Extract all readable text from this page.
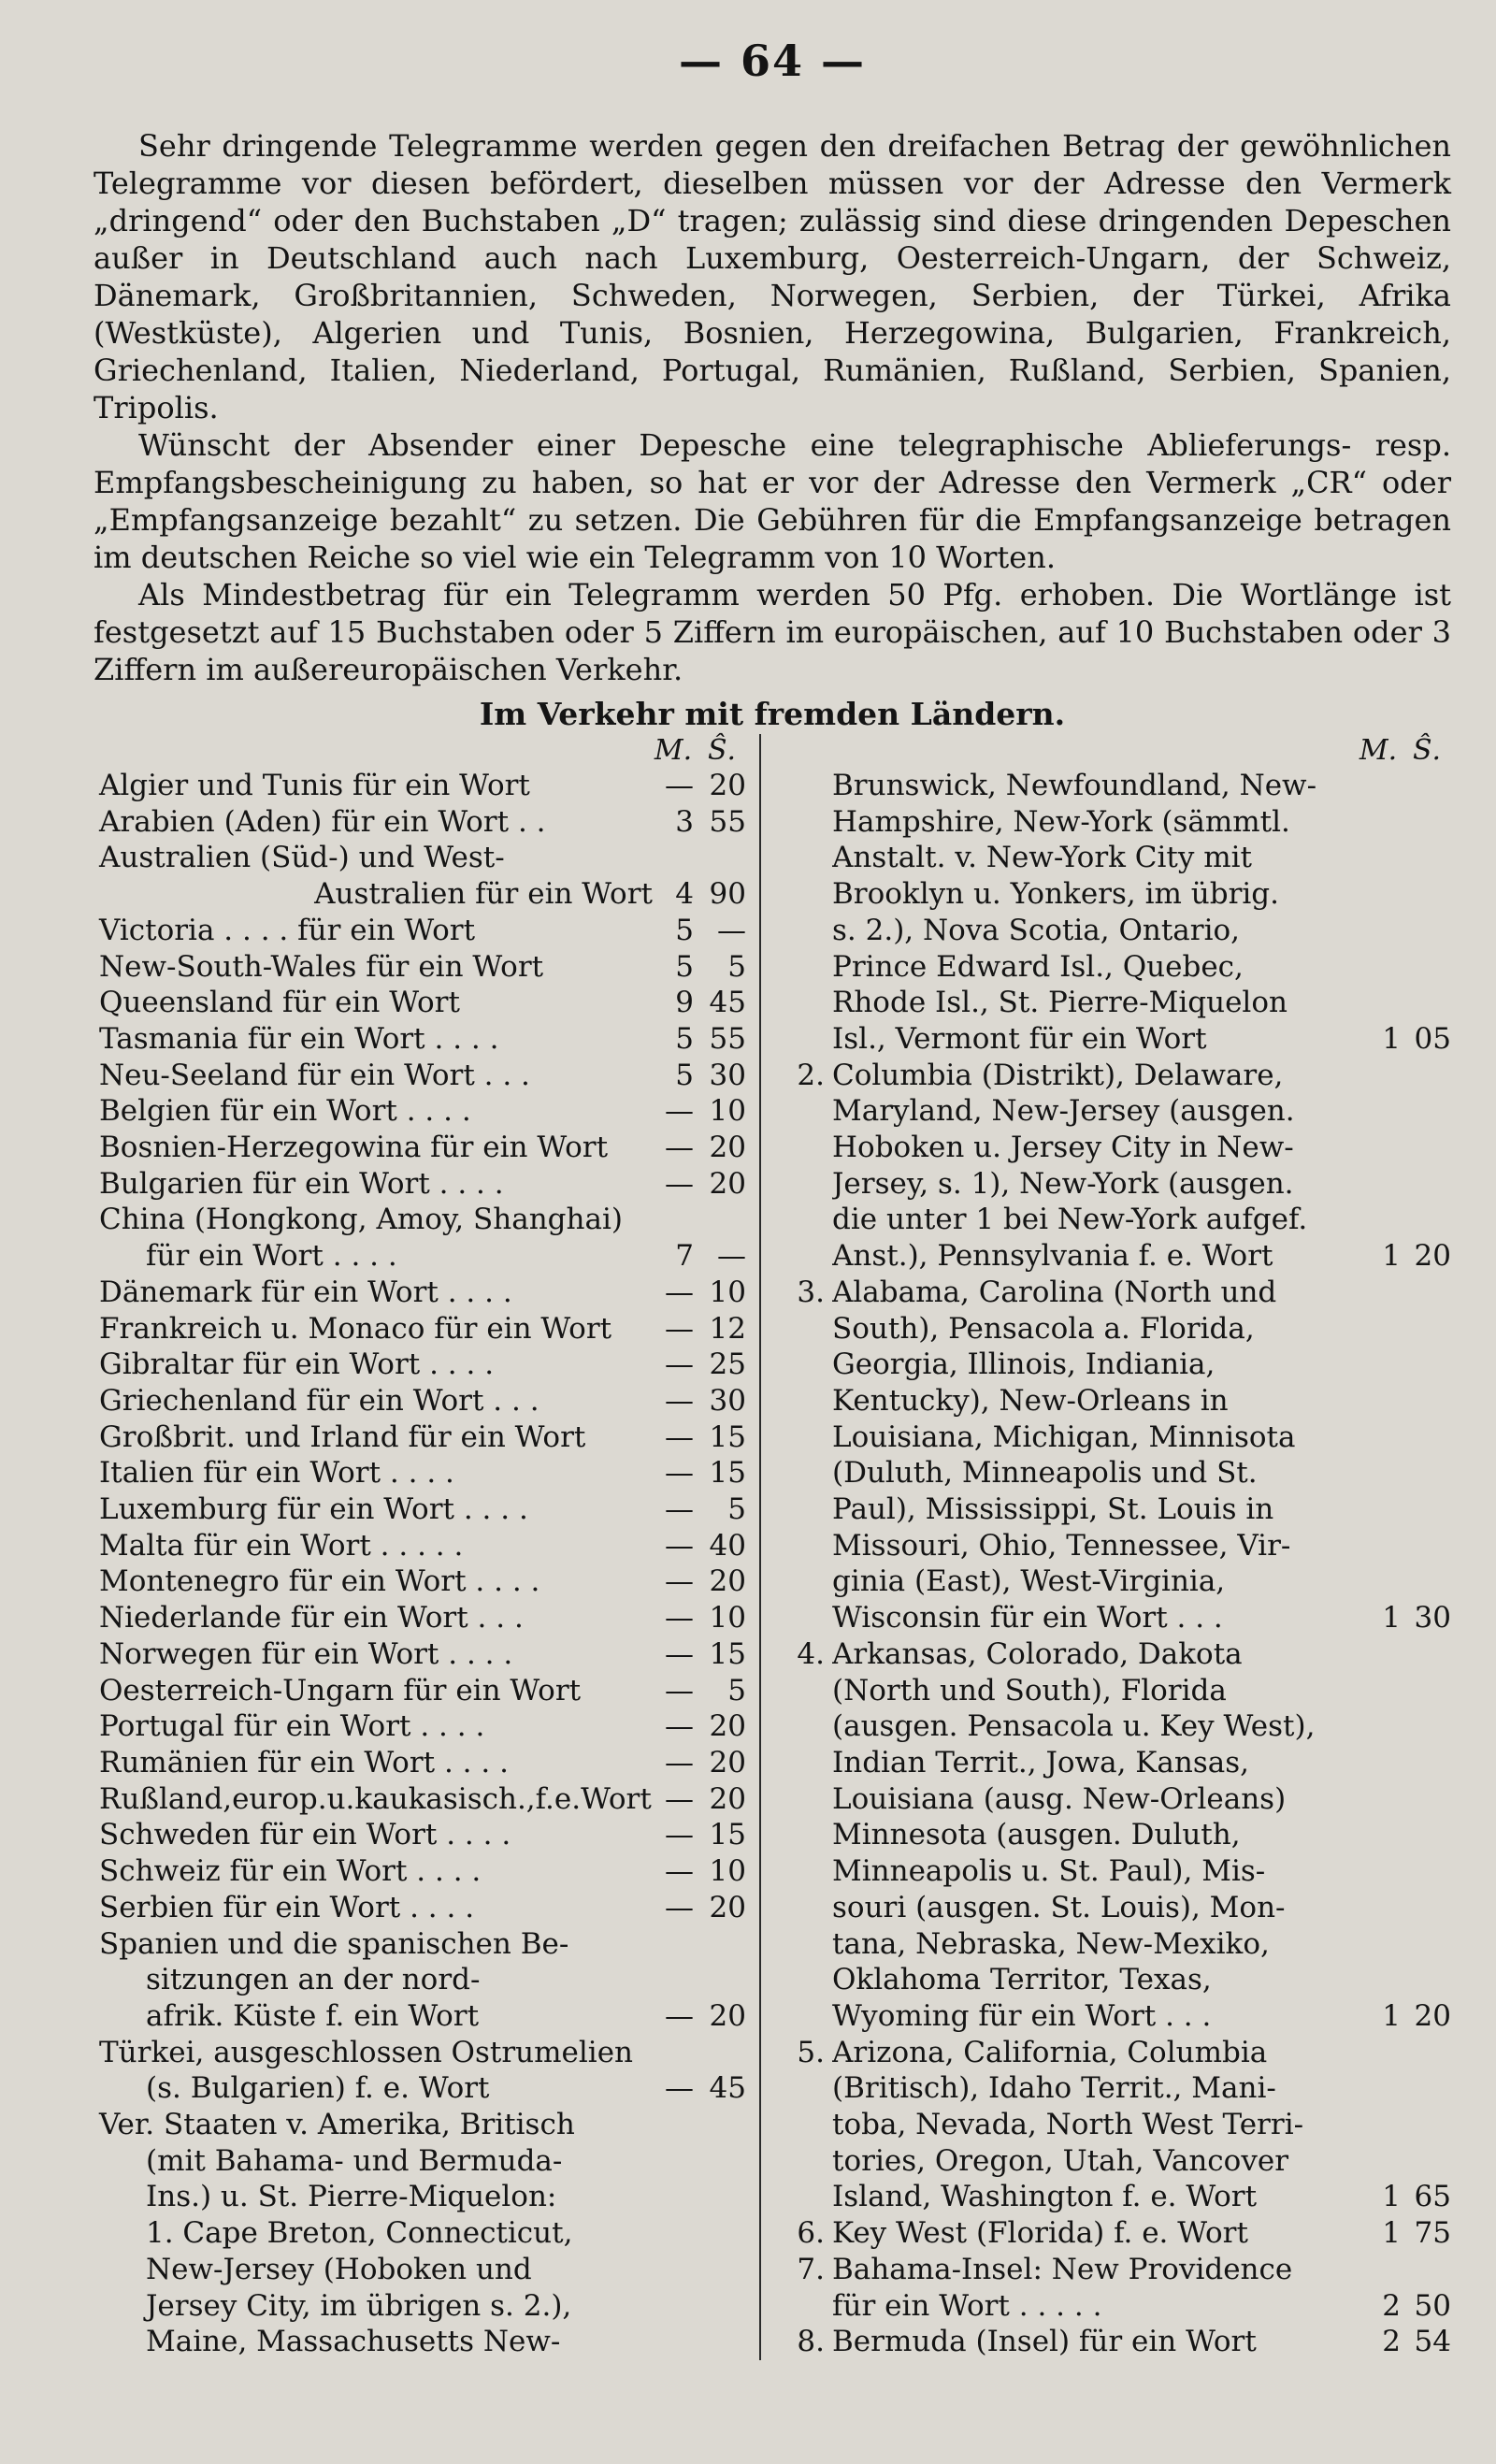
— 64 —

Sehr dringende Telegramme werden gegen den dreifachen Betrag der gewöhnlichen Telegramme vor diesen befördert, dieselben müssen vor der Adresse den Vermerk „dringend“ oder den Buchstaben „D“ tragen; zulässig sind diese dringenden Depeschen außer in Deutschland auch nach Luxemburg, Oesterreich-Ungarn, der Schweiz, Dänemark, Großbritannien, Schweden, Norwegen, Serbien, der Türkei, Afrika (Westküste), Algerien und Tunis, Bosnien, Herzegowina, Bulgarien, Frankreich, Griechenland, Italien, Niederland, Portugal, Rumänien, Rußland, Serbien, Spanien, Tripolis.

Wünscht der Absender einer Depesche eine telegraphische Ablieferungs- resp. Empfangsbescheinigung zu haben, so hat er vor der Adresse den Vermerk „CR“ oder „Empfangsanzeige bezahlt“ zu setzen. Die Gebühren für die Empfangsanzeige betragen im deutschen Reiche so viel wie ein Telegramm von 10 Worten.

Als Mindestbetrag für ein Telegramm werden 50 Pfg. erhoben. Die Wortlänge ist festgesetzt auf 15 Buchstaben oder 5 Ziffern im europäischen, auf 10 Buchstaben oder 3 Ziffern im außereuropäischen Verkehr.

Im Verkehr mit fremden Ländern.
M. Ŝ.
Algier und Tunis für ein Wort	— 20
Arabien (Aden) für ein Wort . .	3 55
Australien (Süd-) und West-
Australien für ein Wort 4 90
Victoria . . . . für ein Wort	5 —
New-South-Wales für ein Wort	5	5
Queensland für ein Wort	9 45
Tasmania für ein Wort . . . .	5 55
Neu-Seeland für ein Wort . . .	5 30
Belgien für ein Wort . . . .	— 10
Bosnien-Herzegowina für ein Wort	— 20
Bulgarien für ein Wort . . . .	— 20
China (Hongkong, Amoy, Shanghai)
für ein Wort . . . .	7 —
Dänemark für ein Wort . . . .	— 10
Frankreich u. Monaco für ein Wort	— 12
Gibraltar für ein Wort . . . .	— 25
Griechenland für ein Wort . . .	— 30
Großbrit. und Irland für ein Wort	— 15
Italien für ein Wort . . . .	— 15
Luxemburg für ein Wort . . . .	—	5
Malta für ein Wort . . . . .	— 40
Montenegro für ein Wort . . . .	— 20
Niederlande für ein Wort . . .	— 10
Norwegen für ein Wort . . . .	— 15
Oesterreich-Ungarn für ein Wort	—	5
Portugal für ein Wort . . . .	— 20
Rumänien für ein Wort . . . .	— 20
Rußland,europ.u.kaukasisch.,f.e.Wort — 20
Schweden für ein Wort . . . .	— 15
Schweiz für ein Wort . . . .	— 10
Serbien für ein Wort . . . .	— 20
Spanien und die spanischen Be-
sitzungen an der nord-
afrik. Küste f. ein Wort	— 20
Türkei, ausgeschlossen Ostrumelien
(s. Bulgarien) f. e. Wort	— 45
Ver. Staaten v. Amerika, Britisch
(mit Bahama- und Bermuda-
Ins.) u. St. Pierre-Miquelon:
1. Cape Breton, Connecticut,
New-Jersey (Hoboken und
Jersey City, im übrigen s. 2.),
Maine, Massachusetts New-
M. Ŝ.
Brunswick, Newfoundland, New-
Hampshire, New-York (sämmtl.
Anstalt. v. New-York City mit
Brooklyn u. Yonkers, im übrig.
s. 2.), Nova Scotia, Ontario,
Prince Edward Isl., Quebec,
Rhode Isl., St. Pierre-Miquelon
Isl., Vermont für ein Wort	1 05
2. Columbia (Distrikt), Delaware,
Maryland, New-Jersey (ausgen.
Hoboken u. Jersey City in New-
Jersey, s. 1), New-York (ausgen.
die unter 1 bei New-York aufgef.
Anst.), Pennsylvania f. e. Wort	1 20
3. Alabama, Carolina (North und
South), Pensacola a. Florida,
Georgia, Illinois, Indiania,
Kentucky), New-Orleans in
Louisiana, Michigan, Minnisota
(Duluth, Minneapolis und St.
Paul), Mississippi, St. Louis in
Missouri, Ohio, Tennessee, Vir-
ginia (East), West-Virginia,
Wisconsin für ein Wort . . .	1 30
4. Arkansas, Colorado, Dakota
(North und South), Florida
(ausgen. Pensacola u. Key West),
Indian Territ., Jowa, Kansas,
Louisiana (ausg. New-Orleans)
Minnesota (ausgen. Duluth,
Minneapolis u. St. Paul), Mis-
souri (ausgen. St. Louis), Mon-
tana, Nebraska, New-Mexiko,
Oklahoma Territor, Texas,
Wyoming für ein Wort . . .	1 20
5. Arizona, California, Columbia
(Britisch), Idaho Territ., Mani-
toba, Nevada, North West Terri-
tories, Oregon, Utah, Vancover
Island, Washington f. e. Wort	1 65
6. Key West (Florida) f. e. Wort	1 75
7. Bahama-Insel: New Providence
für ein Wort . . . . .	2 50
8. Bermuda (Insel) für ein Wort	2 54
